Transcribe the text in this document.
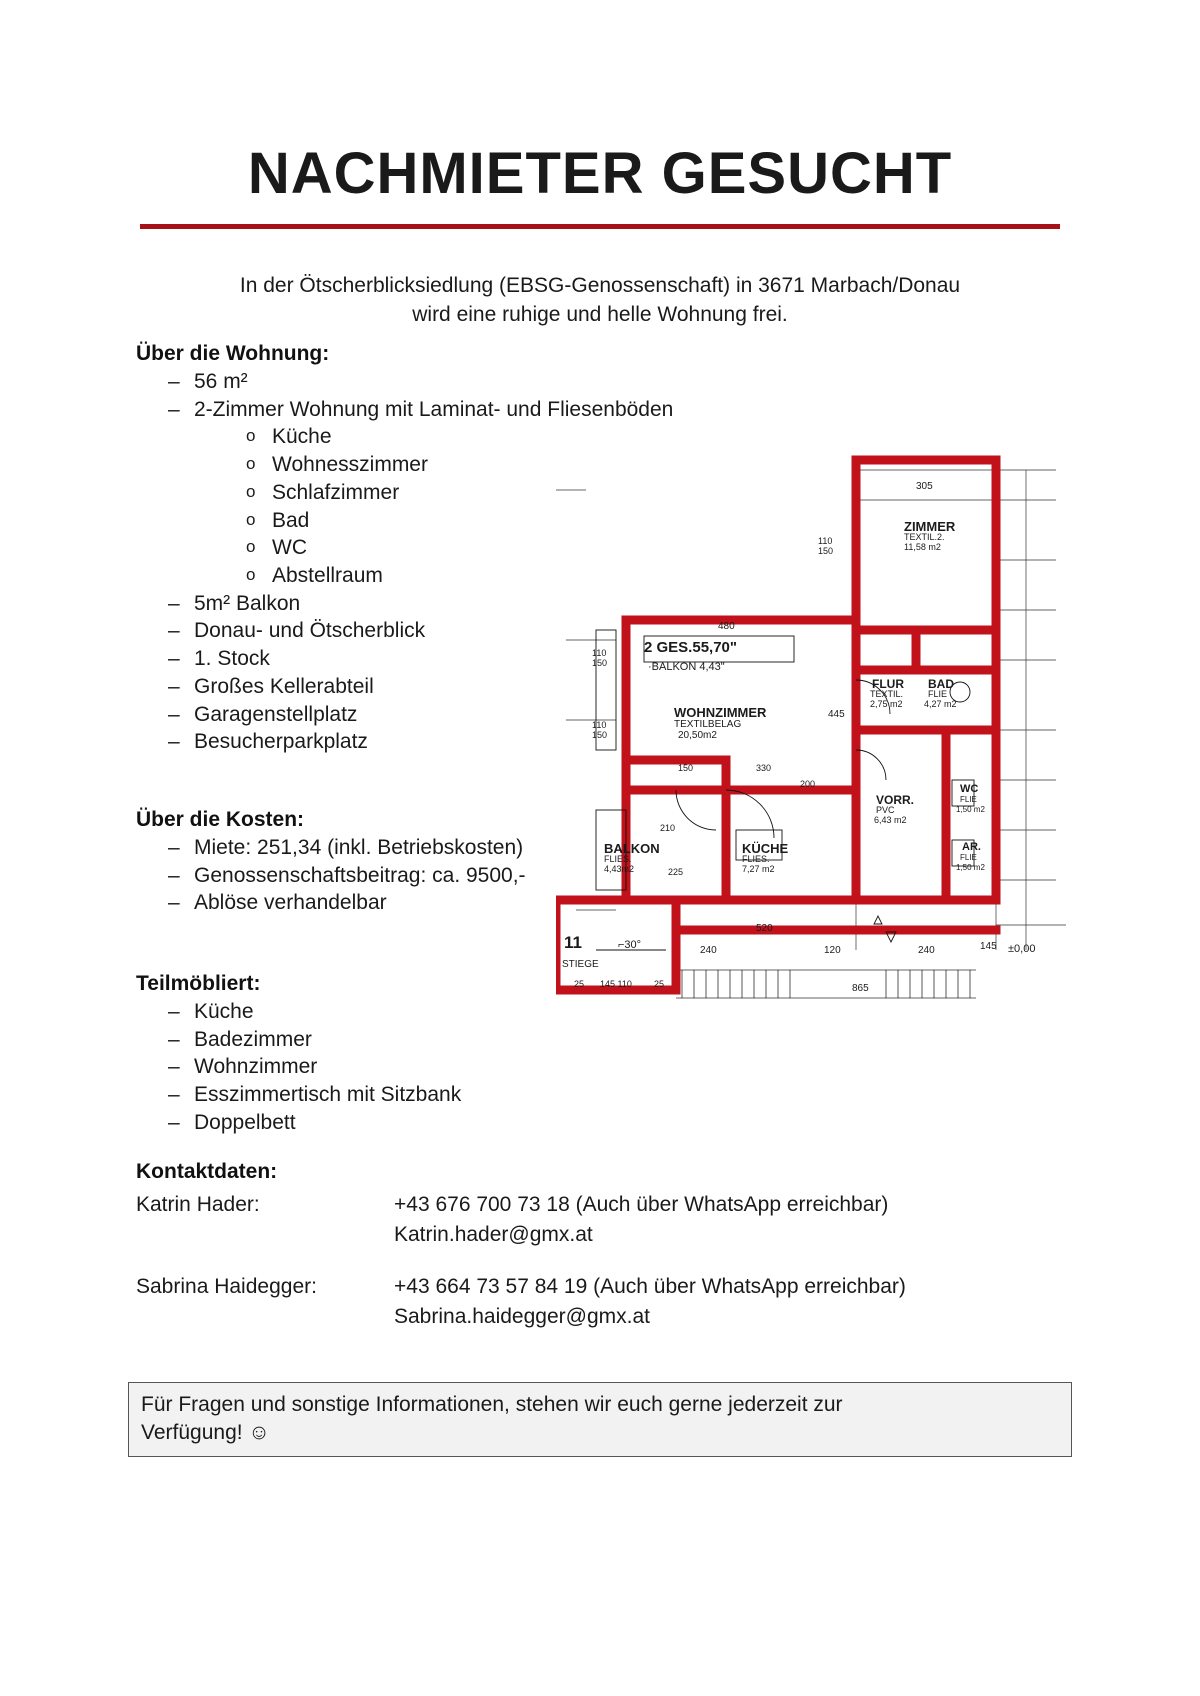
NACHMIETER GESUCHT
In der Ötscherblicksiedlung (EBSG-Genossenschaft) in 3671 Marbach/Donau
wird eine ruhige und helle Wohnung frei.
Über die Wohnung:
– 56 m²
– 2-Zimmer Wohnung mit Laminat- und Fliesenböden
o Küche
o Wohnesszimmer
o Schlafzimmer
o Bad
o WC
o Abstellraum
– 5m² Balkon
– Donau- und Ötscherblick
– 1. Stock
– Großes Kellerabteil
– Garagenstellplatz
– Besucherparkplatz
Über die Kosten:
– Miete: 251,34 (inkl. Betriebskosten)
– Genossenschaftsbeitrag: ca. 9500,-
– Ablöse verhandelbar
Teilmöbliert:
– Küche
– Badezimmer
– Wohnzimmer
– Esszimmertisch mit Sitzbank
– Doppelbett
Kontaktdaten:
Katrin Hader:	+43 676 700 73 18 (Auch über WhatsApp erreichbar)
Katrin.hader@gmx.at
Sabrina Haidegger:	+43 664 73 57 84 19 (Auch über WhatsApp erreichbar)
Sabrina.haidegger@gmx.at
Für Fragen und sonstige Informationen, stehen wir euch gerne jederzeit zur
Verfügung! ☺
2 GES.55,70"
·BALKON 4,43"
WOHNZIMMER
TEXTILBELAG
20,50m2
ZIMMER
TEXTIL.2.
11,58 m2
FLUR
TEXTIL.
2,75 m2
BAD
FLIE
4,27 m2
VORR.
PVC
6,43 m2
WC
FLIE
1,50 m2
AR.
FLIE
1,50 m2
KÜCHE
FLIES.
7,27 m2
BALKON
FLIES.
4,43m2
STIEGE
11	⌐30°	±0,00
480
305
445
110
150
110
150
110
150
520
240	120	240	145
865
200
330
150
210
225
25 145 110 25
